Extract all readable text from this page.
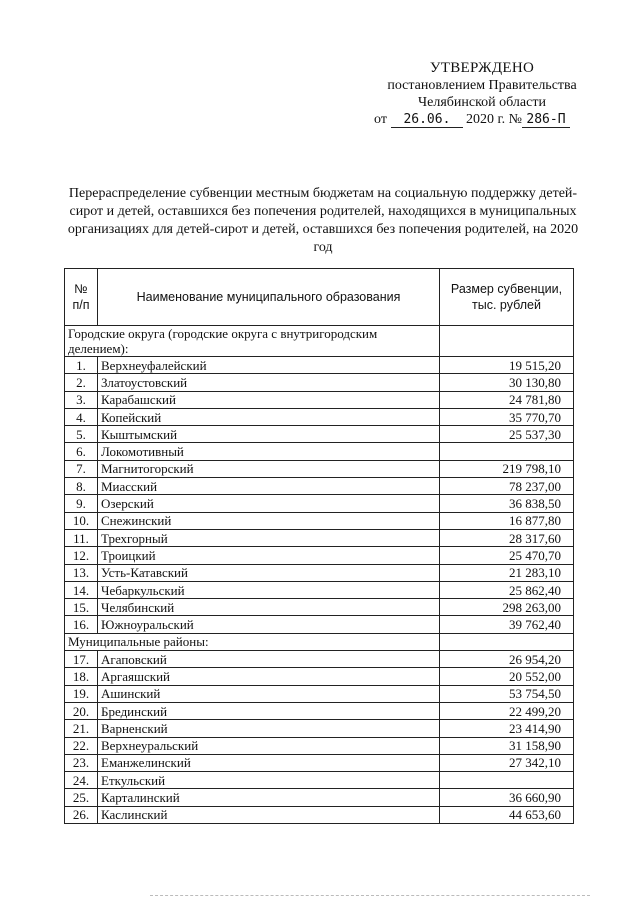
УТВЕРЖДЕНО
постановлением Правительства
Челябинской области
от 26.06. 2020 г. № 286-П
Перераспределение субвенции местным бюджетам на социальную поддержку детей-сирот и детей, оставшихся без попечения родителей, находящихся в муниципальных организациях для детей-сирот и детей, оставшихся без попечения родителей, на 2020 год
№ п/п	Наименование муниципального образования	Размер субвенции, тыс. рублей
Городские округа (городские округа с внутригородским делением):		
1.	Верхнеуфалейский	19 515,20
2.	Златоустовский	30 130,80
3.	Карабашский	24 781,80
4.	Копейский	35 770,70
5.	Кыштымский	25 537,30
6.	Локомотивный	
7.	Магнитогорский	219 798,10
8.	Миасский	78 237,00
9.	Озерский	36 838,50
10.	Снежинский	16 877,80
11.	Трехгорный	28 317,60
12.	Троицкий	25 470,70
13.	Усть-Катавский	21 283,10
14.	Чебаркульский	25 862,40
15.	Челябинский	298 263,00
16.	Южноуральский	39 762,40
Муниципальные районы:		
17.	Агаповский	26 954,20
18.	Аргаяшский	20 552,00
19.	Ашинский	53 754,50
20.	Брединский	22 499,20
21.	Варненский	23 414,90
22.	Верхнеуральский	31 158,90
23.	Еманжелинский	27 342,10
24.	Еткульский	
25.	Карталинский	36 660,90
26.	Каслинский	44 653,60
